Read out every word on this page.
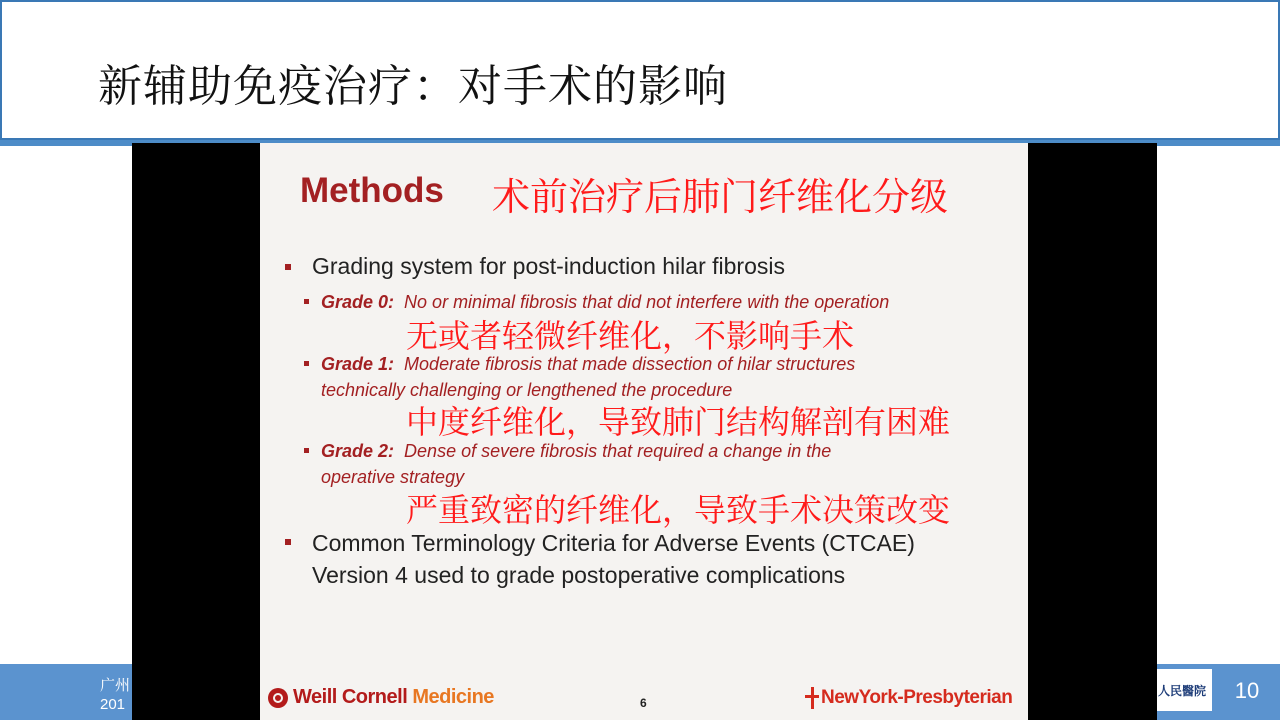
新辅助免疫治疗：对手术的影响
广州
201
人民醫院	10
Methods 术前治疗后肺门纤维化分级
Grading system for post-induction hilar fibrosis
Grade 0: No or minimal fibrosis that did not interfere with the operation
无或者轻微纤维化，不影响手术
Grade 1: Moderate fibrosis that made dissection of hilar structures
technically challenging or lengthened the procedure
中度纤维化，导致肺门结构解剖有困难
Grade 2: Dense of severe fibrosis that required a change in the
operative strategy
严重致密的纤维化，导致手术决策改变
Common Terminology Criteria for Adverse Events (CTCAE)
Version 4 used to grade postoperative complications
Weill Cornell Medicine	6	NewYork-Presbyterian
